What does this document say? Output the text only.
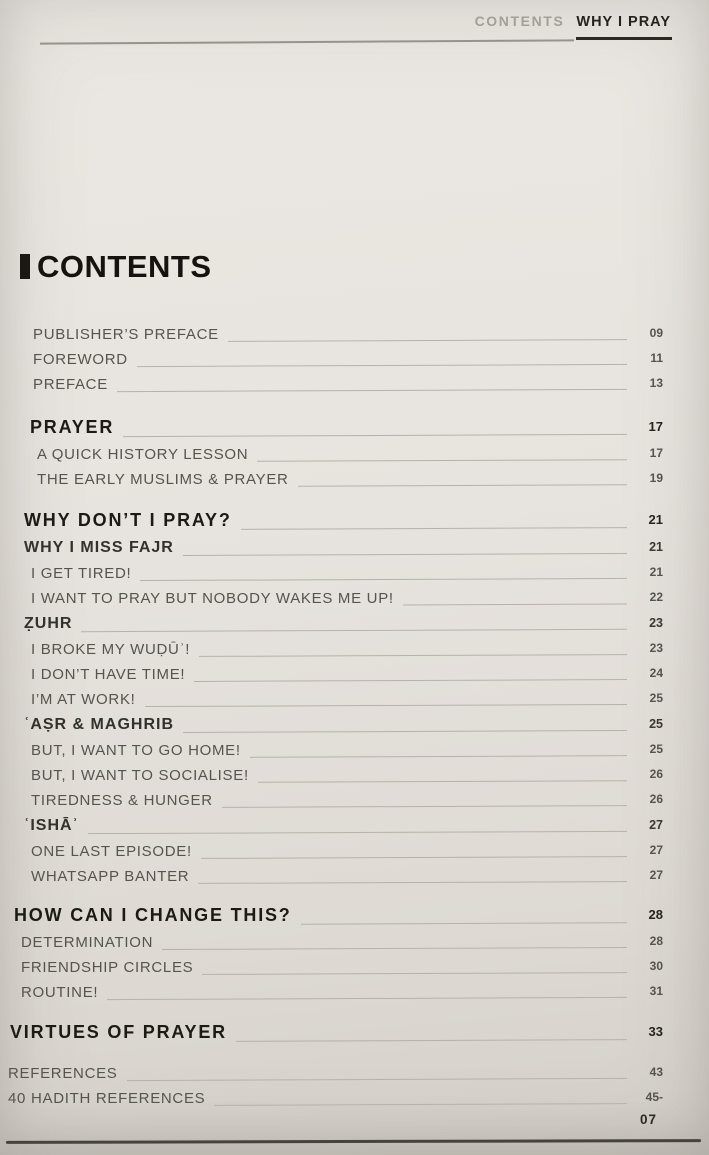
CONTENTS WHY I PRAY
CONTENTS
PUBLISHER’S PREFACE	09
FOREWORD	11
PREFACE	13
PRAYER	17
A QUICK HISTORY LESSON	17
THE EARLY MUSLIMS & PRAYER	19
WHY DON’T I PRAY?	21
WHY I MISS FAJR	21
I GET TIRED!	21
I WANT TO PRAY BUT NOBODY WAKES ME UP!	22
ẒUHR	23
I BROKE MY WUḌŪʾ!	23
I DON’T HAVE TIME!	24
I’M AT WORK!	25
ʿAṢR & MAGHRIB	25
BUT, I WANT TO GO HOME!	25
BUT, I WANT TO SOCIALISE!	26
TIREDNESS & HUNGER	26
ʿISHĀʾ	27
ONE LAST EPISODE!	27
WHATSAPP BANTER	27
HOW CAN I CHANGE THIS?	28
DETERMINATION	28
FRIENDSHIP CIRCLES	30
ROUTINE!	31
VIRTUES OF PRAYER	33
REFERENCES	43
40 HADITH REFERENCES	45-
07
